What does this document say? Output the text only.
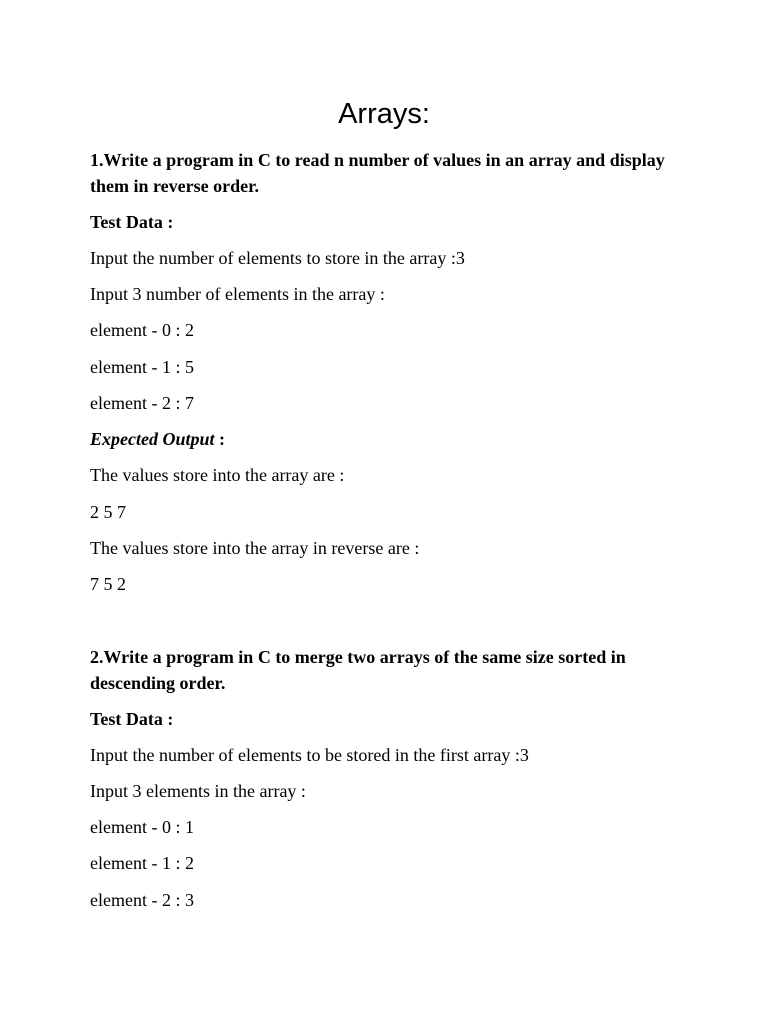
Arrays:

1.Write a program in C to read n number of values in an array and display them in reverse order.

Test Data :

Input the number of elements to store in the array :3

Input 3 number of elements in the array :

element - 0 : 2

element - 1 : 5

element - 2 : 7

Expected Output :

The values store into the array are :

2 5 7

The values store into the array in reverse are :

7 5 2

2.Write a program in C to merge two arrays of the same size sorted in descending order.

Test Data :

Input the number of elements to be stored in the first array :3

Input 3 elements in the array :

element - 0 : 1

element - 1 : 2

element - 2 : 3
